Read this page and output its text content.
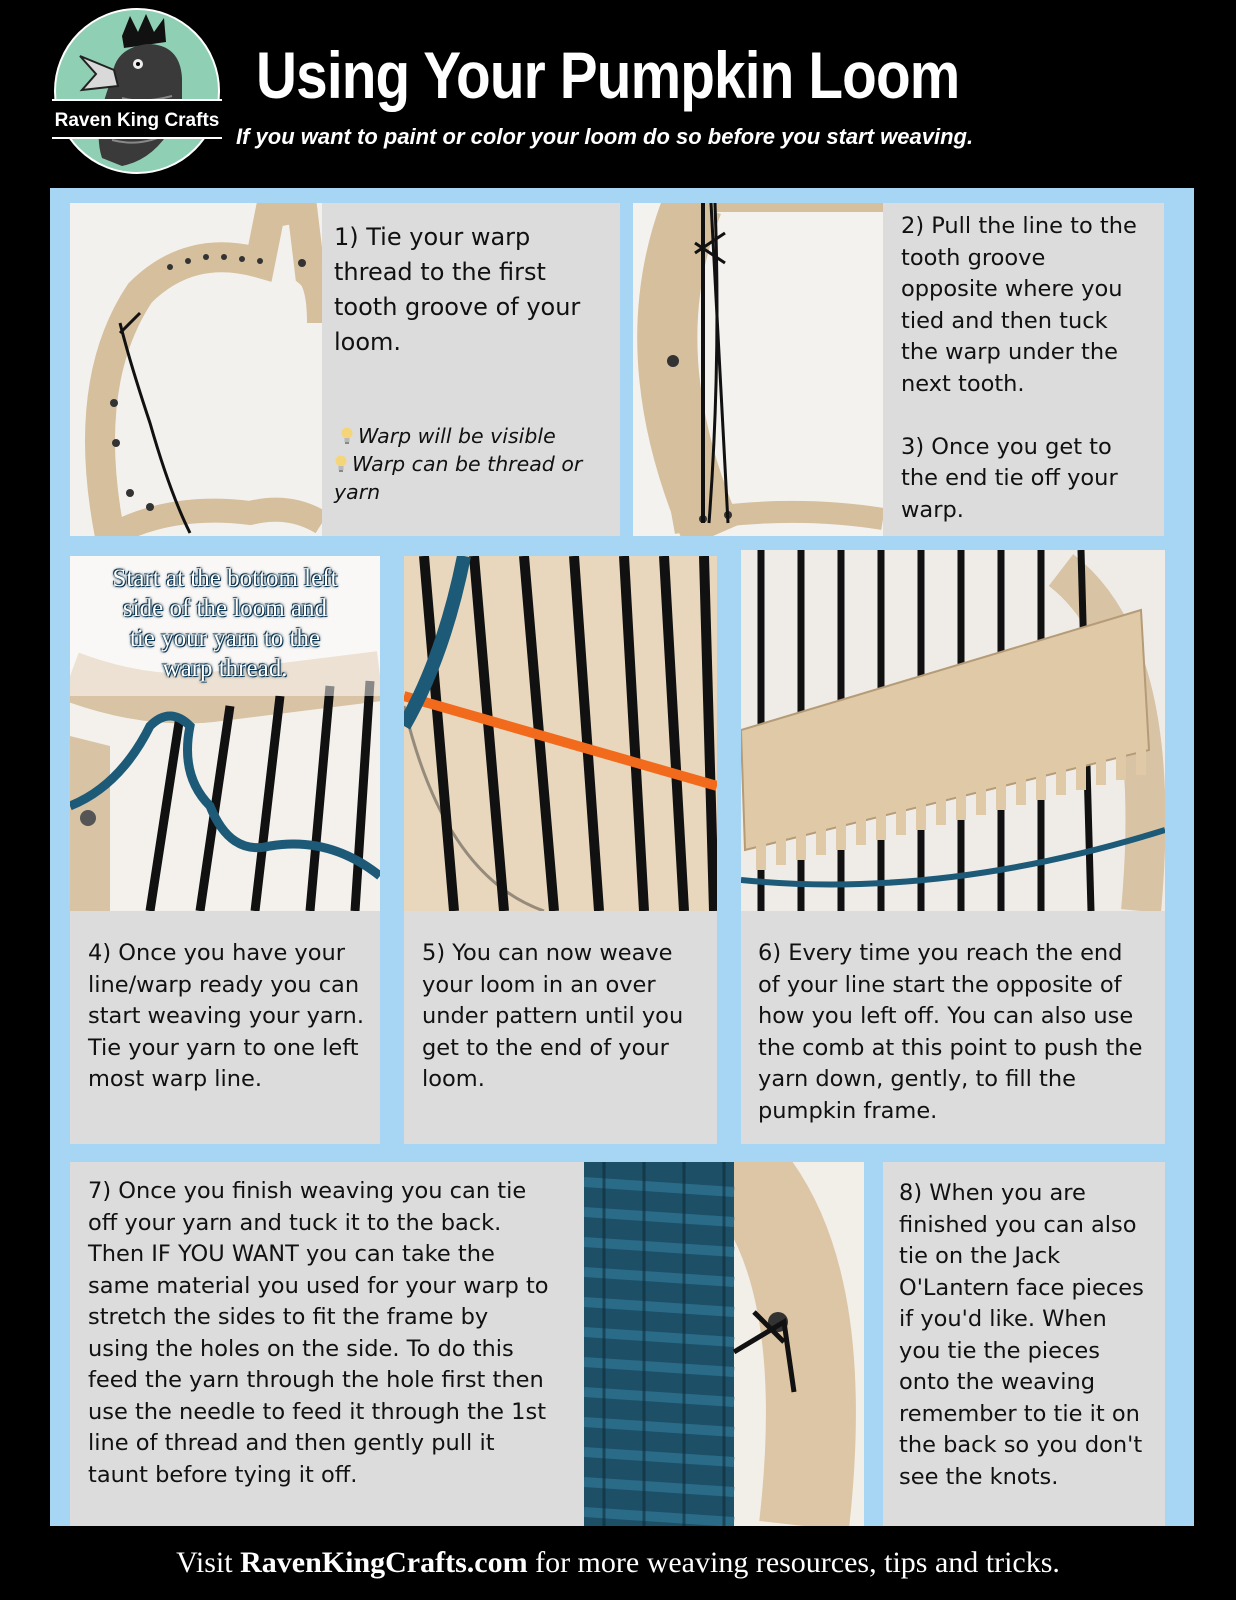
Raven King Crafts
Using Your Pumpkin Loom
If you want to paint or color your loom do so before you start weaving.
1) Tie your warp
thread to the first
tooth groove of your
loom.

Warp will be visible

Warp can be thread or yarn

2) Pull the line to the
tooth groove
opposite where you
tied and then tuck
the warp under the
next tooth.

3) Once you get to
the end tie off your
warp.
Start at the bottom left
side of the loom and
tie your yarn to the
warp thread.
4) Once you have your
line/warp ready you can
start weaving your yarn.
Tie your yarn to one left
most warp line.
5) You can now weave
your loom in an over
under pattern until you
get to the end of your
loom.
6) Every time you reach the end
of your line start the opposite of
how you left off. You can also use
the comb at this point to push the
yarn down, gently, to fill the
pumpkin frame.
7) Once you finish weaving you can tie
off your yarn and tuck it to the back.
Then IF YOU WANT you can take the
same material you used for your warp to
stretch the sides to fit the frame by
using the holes on the side. To do this
feed the yarn through the hole first then
use the needle to feed it through the 1st
line of thread and then gently pull it
taunt before tying it off.
8) When you are
finished you can also
tie on the Jack
O'Lantern face pieces
if you'd like. When
you tie the pieces
onto the weaving
remember to tie it on
the back so you don't
see the knots.
Visit RavenKingCrafts.com for more weaving resources, tips and tricks.
